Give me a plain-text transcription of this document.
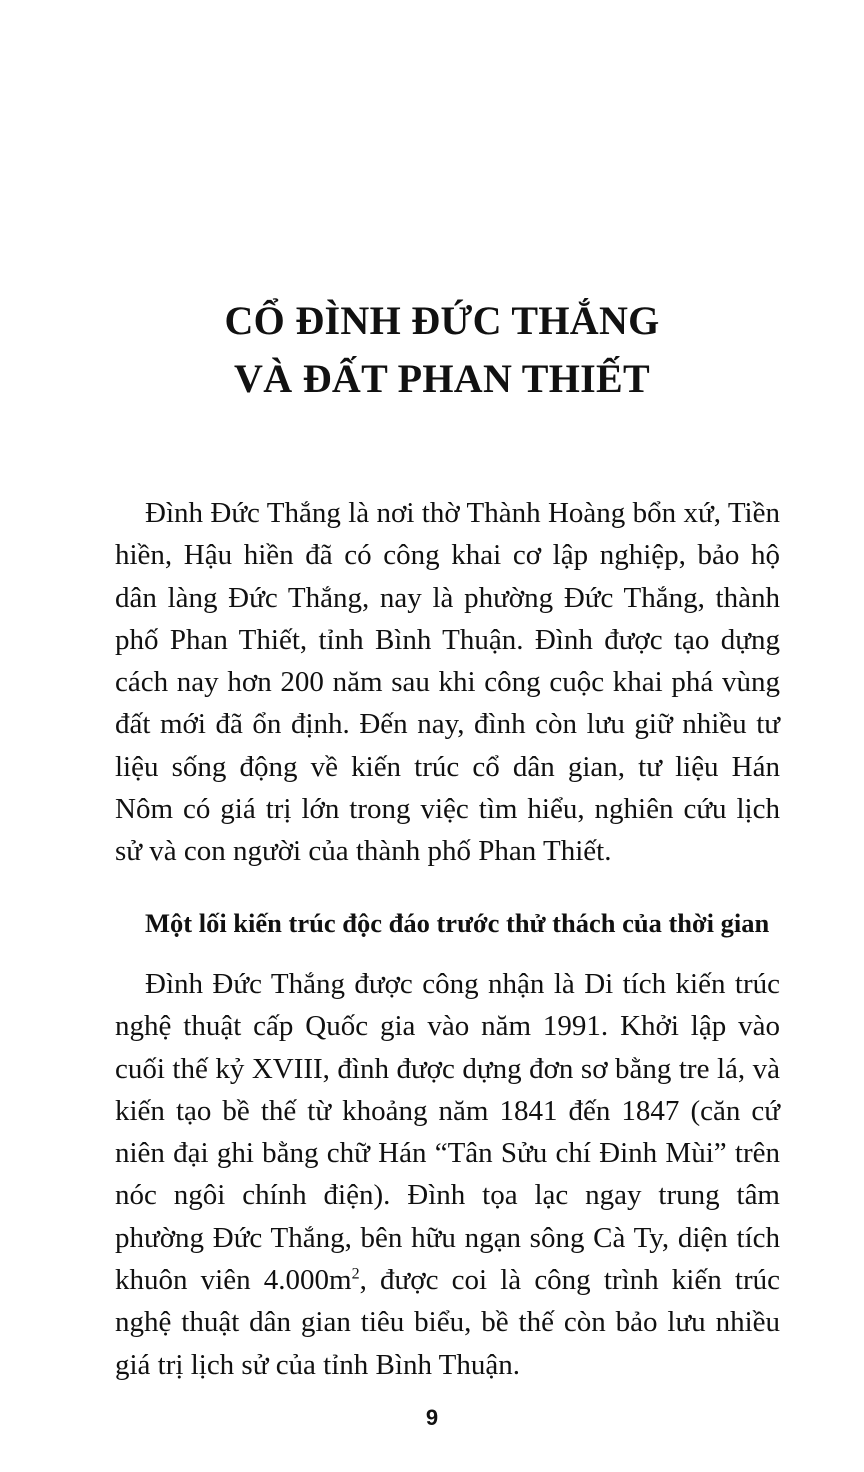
CỔ ĐÌNH ĐỨC THẮNG
VÀ ĐẤT PHAN THIẾT

Đình Đức Thắng là nơi thờ Thành Hoàng bổn xứ, Tiền hiền, Hậu hiền đã có công khai cơ lập nghiệp, bảo hộ dân làng Đức Thắng, nay là phường Đức Thắng, thành phố Phan Thiết, tỉnh Bình Thuận. Đình được tạo dựng cách nay hơn 200 năm sau khi công cuộc khai phá vùng đất mới đã ổn định. Đến nay, đình còn lưu giữ nhiều tư liệu sống động về kiến trúc cổ dân gian, tư liệu Hán Nôm có giá trị lớn trong việc tìm hiểu, nghiên cứu lịch sử và con người của thành phố Phan Thiết.

Một lối kiến trúc độc đáo trước thử thách của thời gian

Đình Đức Thắng được công nhận là Di tích kiến trúc nghệ thuật cấp Quốc gia vào năm 1991. Khởi lập vào cuối thế kỷ XVIII, đình được dựng đơn sơ bằng tre lá, và kiến tạo bề thế từ khoảng năm 1841 đến 1847 (căn cứ niên đại ghi bằng chữ Hán “Tân Sửu chí Đinh Mùi” trên nóc ngôi chính điện). Đình tọa lạc ngay trung tâm phường Đức Thắng, bên hữu ngạn sông Cà Ty, diện tích khuôn viên $4.000m^2$, được coi là công trình kiến trúc nghệ thuật dân gian tiêu biểu, bề thế còn bảo lưu nhiều giá trị lịch sử của tỉnh Bình Thuận.

9
